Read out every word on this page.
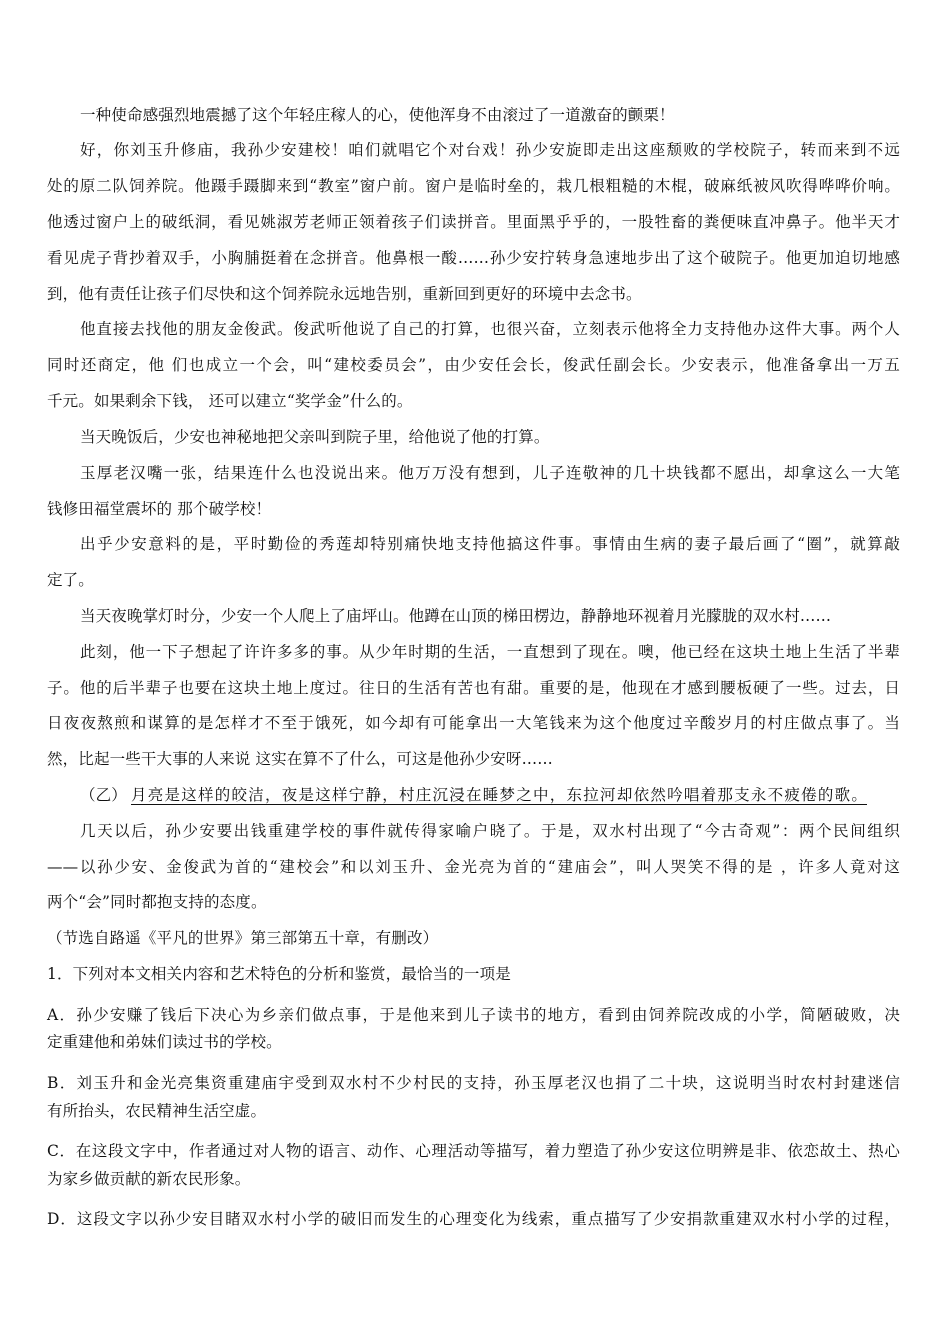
一种使命感强烈地震撼了这个年轻庄稼人的心，使他浑身不由滚过了一道激奋的颤栗！
好，你刘玉升修庙，我孙少安建校！咱们就唱它个对台戏！孙少安旋即走出这座颓败的学校院子，转而来到不远
处的原二队饲养院。他蹑手蹑脚来到“教室”窗户前。窗户是临时垒的，栽几根粗糙的木棍，破麻纸被风吹得哗哗价响。
他透过窗户上的破纸洞，看见姚淑芳老师正领着孩子们读拼音。里面黑乎乎的，一股牲畜的粪便味直冲鼻子。他半天才
看见虎子背抄着双手，小胸脯挺着在念拼音。他鼻根一酸……孙少安拧转身急速地步出了这个破院子。他更加迫切地感
到，他有责任让孩子们尽快和这个饲养院永远地告别，重新回到更好的环境中去念书。
他直接去找他的朋友金俊武。俊武听他说了自己的打算，也很兴奋，立刻表示他将全力支持他办这件大事。两个人
同时还商定，他 们也成立一个会，叫“建校委员会”，由少安任会长，俊武任副会长。少安表示，他准备拿出一万五
千元。如果剩余下钱， 还可以建立“奖学金”什么的。
当天晚饭后，少安也神秘地把父亲叫到院子里，给他说了他的打算。
玉厚老汉嘴一张，结果连什么也没说出来。他万万没有想到，儿子连敬神的几十块钱都不愿出，却拿这么一大笔
钱修田福堂震坏的 那个破学校！
出乎少安意料的是，平时勤俭的秀莲却特别痛快地支持他搞这件事。事情由生病的妻子最后画了“圈”，就算敲
定了。
当天夜晚掌灯时分，少安一个人爬上了庙坪山。他蹲在山顶的梯田楞边，静静地环视着月光朦胧的双水村……
此刻，他一下子想起了许许多多的事。从少年时期的生活，一直想到了现在。噢，他已经在这块土地上生活了半辈
子。他的后半辈子也要在这块土地上度过。往日的生活有苦也有甜。重要的是，他现在才感到腰板硬了一些。过去，日
日夜夜熬煎和谋算的是怎样才不至于饿死，如今却有可能拿出一大笔钱来为这个他度过辛酸岁月的村庄做点事了。当
然，比起一些干大事的人来说 这实在算不了什么，可这是他孙少安呀……
（乙） 月亮是这样的皎洁，夜是这样宁静，村庄沉浸在睡梦之中，东拉河却依然吟唱着那支永不疲倦的歌。
几天以后，孙少安要出钱重建学校的事件就传得家喻户晓了。于是，双水村出现了“今古奇观”：两个民间组织
——以孙少安、金俊武为首的“建校会”和以刘玉升、金光亮为首的“建庙会”，叫人哭笑不得的是 ，许多人竟对这
两个“会”同时都抱支持的态度。
（节选自路遥《平凡的世界》第三部第五十章，有删改）
1．下列对本文相关内容和艺术特色的分析和鉴赏，最恰当的一项是
A．孙少安赚了钱后下决心为乡亲们做点事，于是他来到儿子读书的地方，看到由饲养院改成的小学，简陋破败，决
定重建他和弟妹们读过书的学校。
B．刘玉升和金光亮集资重建庙宇受到双水村不少村民的支持，孙玉厚老汉也捐了二十块，这说明当时农村封建迷信
有所抬头，农民精神生活空虚。
C．在这段文字中，作者通过对人物的语言、动作、心理活动等描写，着力塑造了孙少安这位明辨是非、依恋故土、热心
为家乡做贡献的新农民形象。
D．这段文字以孙少安目睹双水村小学的破旧而发生的心理变化为线索，重点描写了少安捐款重建双水村小学的过程，
